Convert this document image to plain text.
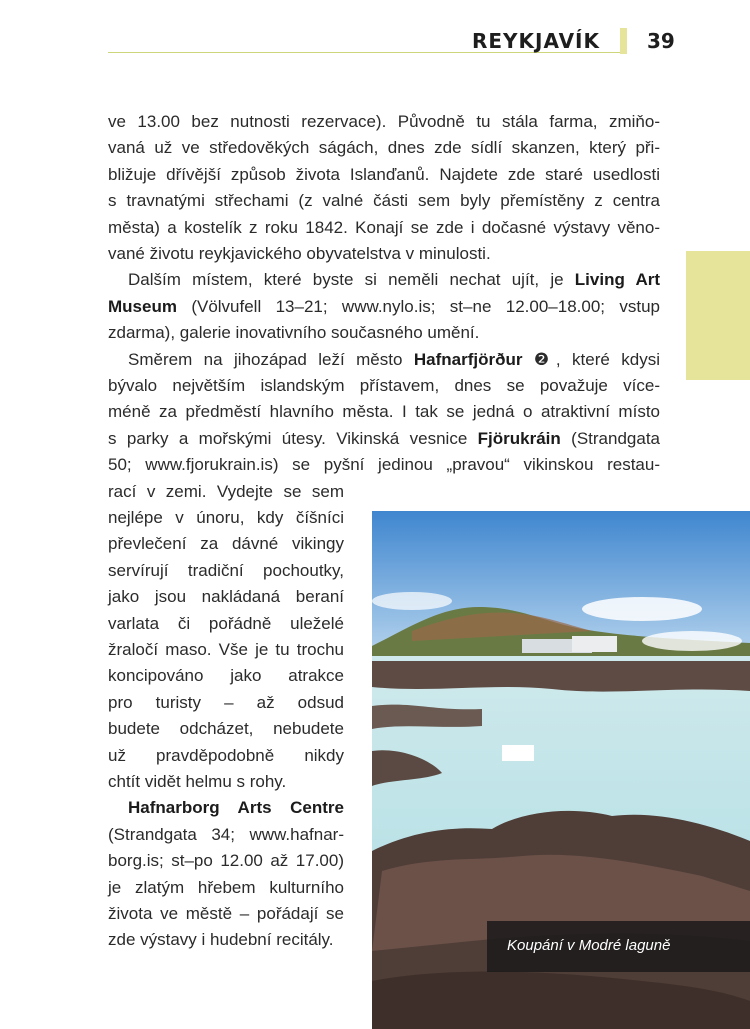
REYKJAVÍK 39
ve 13.00 bez nutnosti rezervace). Původně tu stála farma, zmiňo-
vaná už ve středověkých ságách, dnes zde sídlí skanzen, který při-
bližuje dřívější způsob života Islanďanů. Najdete zde staré usedlosti
s travnatými střechami (z valné části sem byly přemístěny z centra
města) a kostelík z roku 1842. Konají se zde i dočasné výstavy věno-
vané životu reykjavického obyvatelstva v minulosti.
Dalším místem, které byste si neměli nechat ujít, je Living Art
Museum (Völvufell 13–21; www.nylo.is; st–ne 12.00–18.00; vstup
zdarma), galerie inovativního současného umění.
Směrem na jihozápad leží město Hafnarfjörður ❷, které kdysi
bývalo největším islandským přístavem, dnes se považuje více-
méně za předměstí hlavního města. I tak se jedná o atraktivní místo
s parky a mořskými útesy. Vikinská vesnice Fjörukráin (Strandgata
50; www.fjorukrain.is) se pyšní jedinou „pravou“ vikinskou restau-
rací v zemi. Vydejte se sem
nejlépe v únoru, kdy číšníci
převlečení za dávné vikingy
servírují tradiční pochoutky,
jako jsou nakládaná beraní
varlata či pořádně uleželé
žraločí maso. Vše je tu trochu
koncipováno jako atrakce
pro turisty – až odsud
budete odcházet, nebudete
už pravděpodobně nikdy
chtít vidět helmu s rohy.
Hafnarborg Arts Centre
(Strandgata 34; www.hafnar-
borg.is; st–po 12.00 až 17.00)
je zlatým hřebem kulturního
života ve městě – pořádají se
zde výstavy i hudební recitály.	Koupání v Modré laguně
